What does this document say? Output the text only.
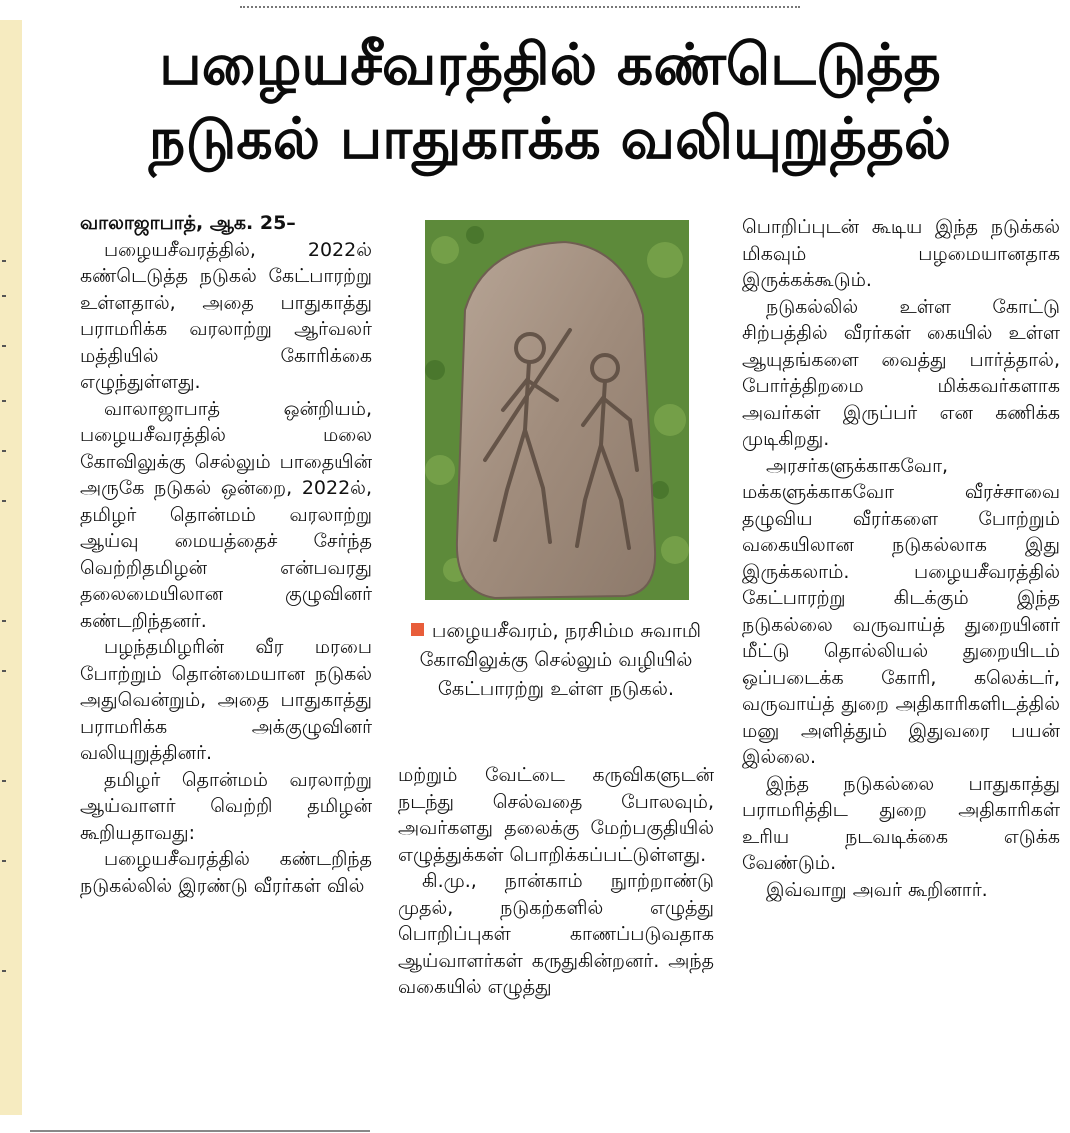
பழையசீவரத்தில் கண்டெடுத்த
நடுகல் பாதுகாக்க வலியுறுத்தல்

வாலாஜாபாத், ஆக. 25–

பழையசீவரத்தில், 2022ல் கண்டெடுத்த நடுகல் கேட்பாரற்று உள்ளதால், அதை பாதுகாத்து பராமரிக்க வரலாற்று ஆர்வலர் மத்தியில் கோரிக்கை எழுந்துள்ளது.

வாலாஜாபாத் ஒன்றியம், பழையசீவரத்தில் மலை கோவிலுக்கு செல்லும் பாதையின் அருகே நடுகல் ஒன்றை, 2022ல், தமிழர் தொன்மம் வரலாற்று ஆய்வு மையத்தைச் சேர்ந்த வெற்றிதமிழன் என்பவரது தலைமையிலான குழுவினர் கண்டறிந்தனர்.

பழந்தமிழரின் வீர மரபை போற்றும் தொன்மையான நடுகல் அதுவென்றும், அதை பாதுகாத்து பராமரிக்க அக்குழுவினர் வலியுறுத்தினர்.

தமிழர் தொன்மம் வரலாற்று ஆய்வாளர் வெற்றி தமிழன் கூறியதாவது:

பழையசீவரத்தில் கண்டறிந்த நடுகல்லில் இரண்டு வீரர்கள் வில்

பழையசீவரம், நரசிம்ம சுவாமி கோவிலுக்கு செல்லும் வழியில் கேட்பாரற்று உள்ள நடுகல்.

மற்றும் வேட்டை கருவிகளுடன் நடந்து செல்வதை போலவும், அவர்களது தலைக்கு மேற்பகுதியில் எழுத்துக்கள் பொறிக்கப்பட்டுள்ளது.

கி.மு., நான்காம் நுாற்றாண்டு முதல், நடுகற்களில் எழுத்து பொறிப்புகள் காணப்படுவதாக ஆய்வாளர்கள் கருதுகின்றனர். அந்த வகையில் எழுத்து

பொறிப்புடன் கூடிய இந்த நடுக்கல் மிகவும் பழமையானதாக இருக்கக்கூடும்.

நடுகல்லில் உள்ள கோட்டு சிற்பத்தில் வீரர்கள் கையில் உள்ள ஆயுதங்களை வைத்து பார்த்தால், போர்த்திறமை மிக்கவர்களாக அவர்கள் இருப்பர் என கணிக்க முடிகிறது.

அரசர்களுக்காகவோ, மக்களுக்காகவோ வீரச்சாவை தழுவிய வீரர்களை போற்றும் வகையிலான நடுகல்லாக இது இருக்கலாம். பழையசீவரத்தில் கேட்பாரற்று கிடக்கும் இந்த நடுகல்லை வருவாய்த் துறையினர் மீட்டு தொல்லியல் துறையிடம் ஒப்படைக்க கோரி, கலெக்டர், வருவாய்த் துறை அதிகாரிகளிடத்தில் மனு அளித்தும் இதுவரை பயன் இல்லை.

இந்த நடுகல்லை பாதுகாத்து பராமரித்திட துறை அதிகாரிகள் உரிய நடவடிக்கை எடுக்க வேண்டும்.

இவ்வாறு அவர் கூறினார்.
